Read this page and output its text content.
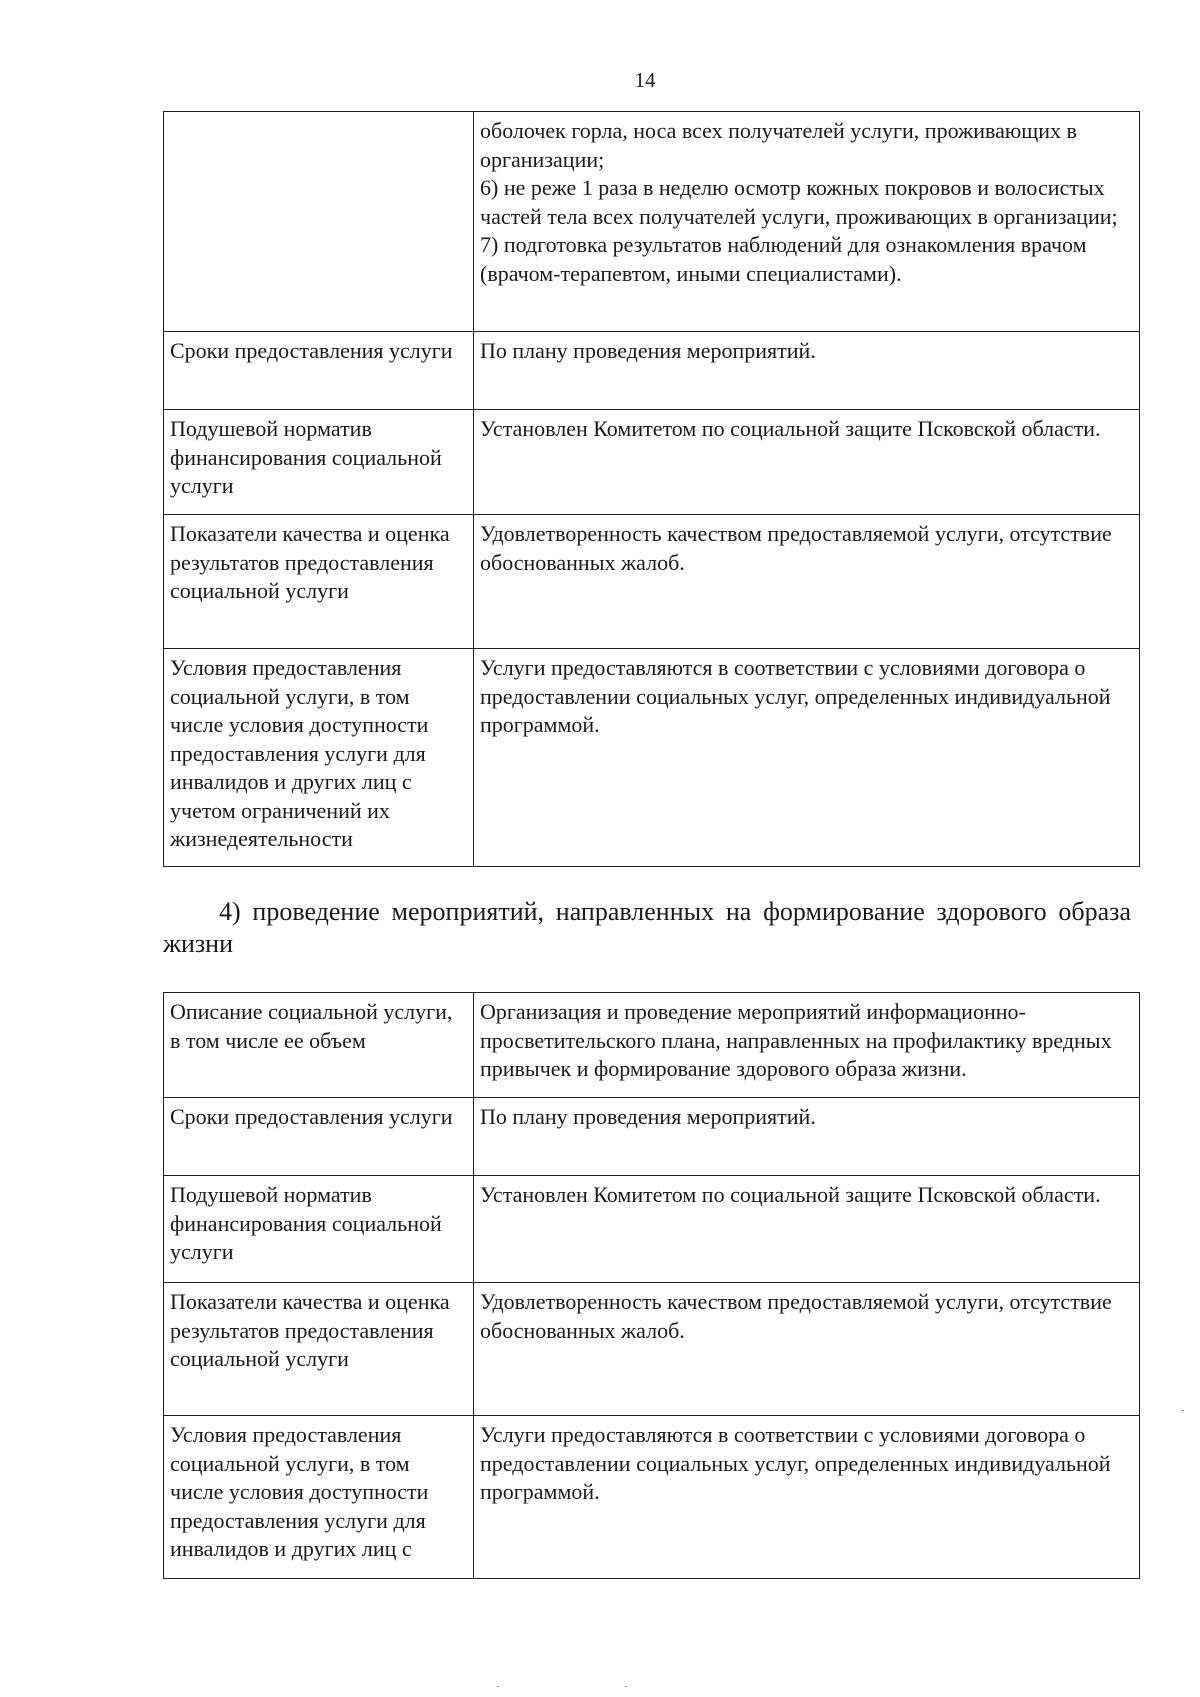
14
	оболочек горла, носа всех получателей услуги, проживающих в организации;
6) не реже 1 раза в неделю осмотр кожных покровов и волосистых частей тела всех получателей услуги, проживающих в организации;
7) подготовка результатов наблюдений для ознакомления врачом (врачом-терапевтом, иными специалистами).
Сроки предоставления услуги	По плану проведения мероприятий.
Подушевой норматив финансирования социальной услуги	Установлен Комитетом по социальной защите Псковской области.
Показатели качества и оценка результатов предоставления социальной услуги	Удовлетворенность качеством предоставляемой услуги, отсутствие обоснованных жалоб.
Условия предоставления социальной услуги, в том числе условия доступности предоставления услуги для инвалидов и других лиц с учетом ограничений их жизнедеятельности	Услуги предоставляются в соответствии с условиями договора о предоставлении социальных услуг, определенных индивидуальной программой.
4) проведение мероприятий, направленных на формирование здорового образа жизни
Описание социальной услуги, в том числе ее объем	Организация и проведение мероприятий информационно-просветительского плана, направленных на профилактику вредных привычек и формирование здорового образа жизни.
Сроки предоставления услуги	По плану проведения мероприятий.
Подушевой норматив финансирования социальной услуги	Установлен Комитетом по социальной защите Псковской области.
Показатели качества и оценка результатов предоставления социальной услуги	Удовлетворенность качеством предоставляемой услуги, отсутствие обоснованных жалоб.
Условия предоставления социальной услуги, в том числе условия доступности предоставления услуги для инвалидов и других лиц с	Услуги предоставляются в соответствии с условиями договора о предоставлении социальных услуг, определенных индивидуальной программой.
